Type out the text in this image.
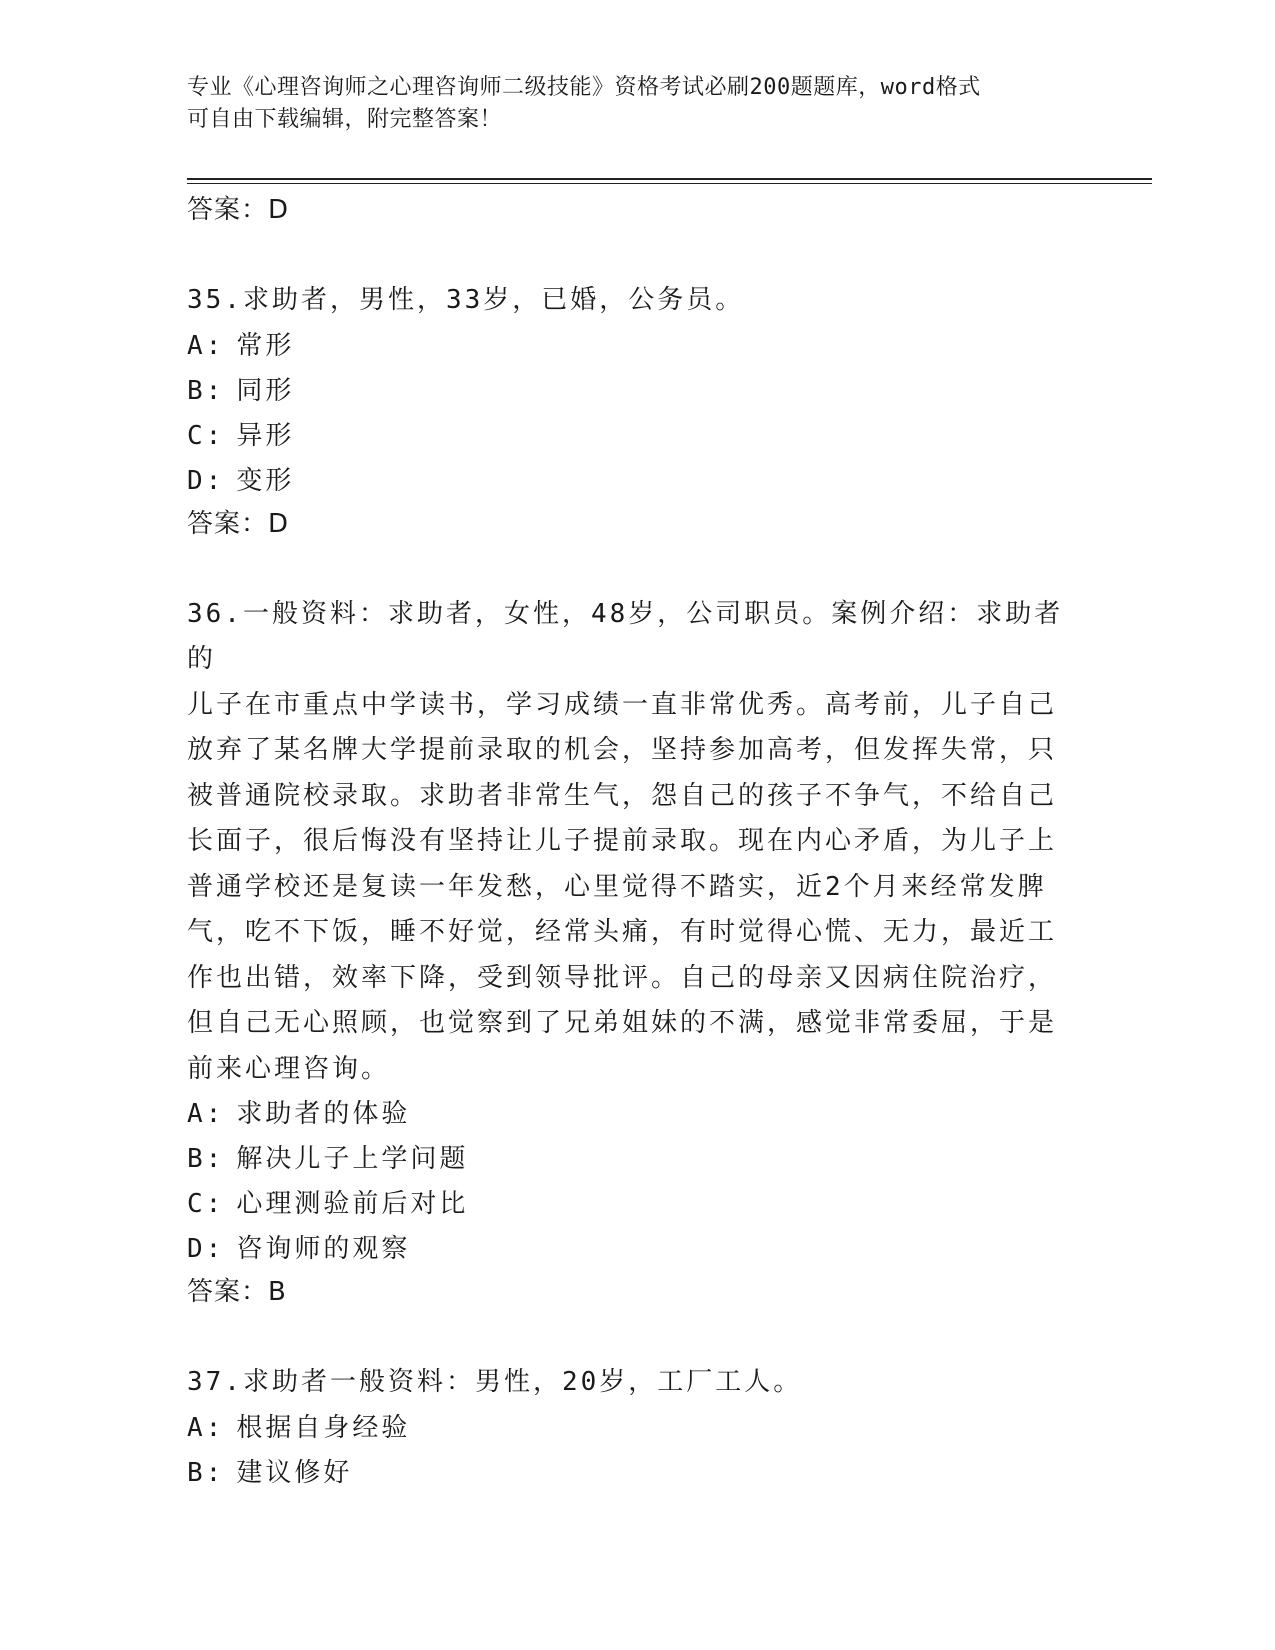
专业《心理咨询师之心理咨询师二级技能》资格考试必刷200题题库，word格式
可自由下载编辑，附完整答案！
答案：D
35.求助者，男性，33岁，已婚，公务员。
A: 常形
B: 同形
C: 异形
D: 变形
答案：D
36.一般资料：求助者，女性，48岁，公司职员。案例介绍：求助者的
儿子在市重点中学读书，学习成绩一直非常优秀。高考前，儿子自己
放弃了某名牌大学提前录取的机会，坚持参加高考，但发挥失常，只
被普通院校录取。求助者非常生气，怨自己的孩子不争气，不给自己
长面子，很后悔没有坚持让儿子提前录取。现在内心矛盾，为儿子上
普通学校还是复读一年发愁，心里觉得不踏实，近2个月来经常发脾
气，吃不下饭，睡不好觉，经常头痛，有时觉得心慌、无力，最近工
作也出错，效率下降，受到领导批评。自己的母亲又因病住院治疗，
但自己无心照顾，也觉察到了兄弟姐妹的不满，感觉非常委屈，于是
前来心理咨询。
A: 求助者的体验
B: 解决儿子上学问题
C: 心理测验前后对比
D: 咨询师的观察
答案：B
37.求助者一般资料：男性，20岁，工厂工人。
A: 根据自身经验
B: 建议修好
